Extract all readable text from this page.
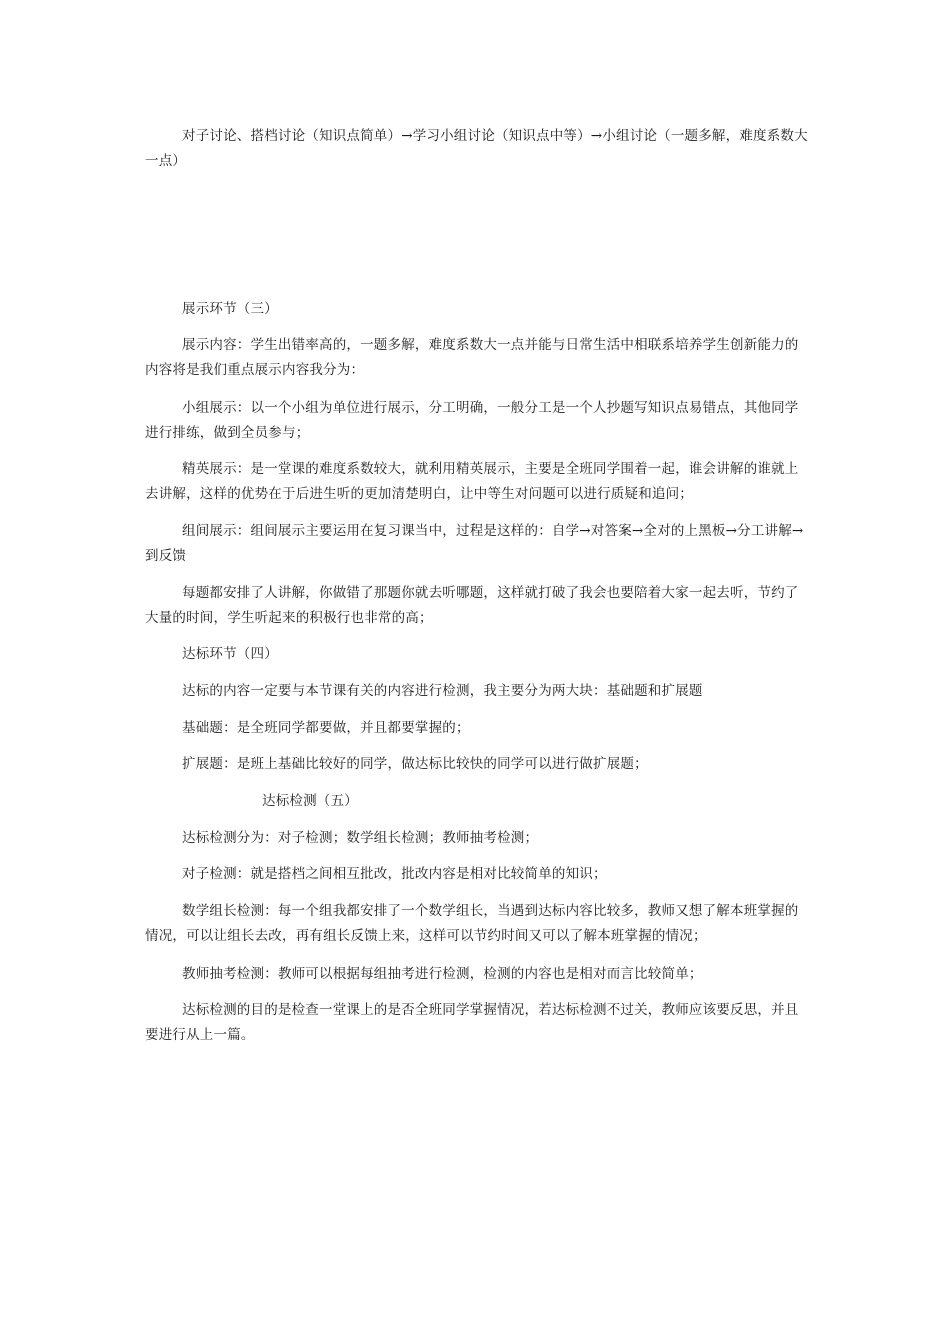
对子讨论、搭档讨论（知识点简单）→学习小组讨论（知识点中等）→小组讨论（一题多解，难度系数大一点）

展示环节（三）

展示内容：学生出错率高的，一题多解，难度系数大一点并能与日常生活中相联系培养学生创新能力的内容将是我们重点展示内容我分为：

小组展示：以一个小组为单位进行展示，分工明确，一般分工是一个人抄题写知识点易错点，其他同学进行排练，做到全员参与；

精英展示：是一堂课的难度系数较大，就利用精英展示，主要是全班同学围着一起，谁会讲解的谁就上去讲解，这样的优势在于后进生听的更加清楚明白，让中等生对问题可以进行质疑和追问；

组间展示：组间展示主要运用在复习课当中，过程是这样的：自学→对答案→全对的上黑板→分工讲解→到反馈

每题都安排了人讲解，你做错了那题你就去听哪题，这样就打破了我会也要陪着大家一起去听，节约了大量的时间，学生听起来的积极行也非常的高；

达标环节（四）

达标的内容一定要与本节课有关的内容进行检测，我主要分为两大块：基础题和扩展题

基础题：是全班同学都要做，并且都要掌握的；

扩展题：是班上基础比较好的同学，做达标比较快的同学可以进行做扩展题；

达标检测（五）

达标检测分为：对子检测；数学组长检测；教师抽考检测；

对子检测：就是搭档之间相互批改，批改内容是相对比较简单的知识；

数学组长检测：每一个组我都安排了一个数学组长，当遇到达标内容比较多，教师又想了解本班掌握的情况，可以让组长去改，再有组长反馈上来，这样可以节约时间又可以了解本班掌握的情况；

教师抽考检测：教师可以根据每组抽考进行检测，检测的内容也是相对而言比较简单；

达标检测的目的是检查一堂课上的是否全班同学掌握情况，若达标检测不过关，教师应该要反思，并且要进行从上一篇。
